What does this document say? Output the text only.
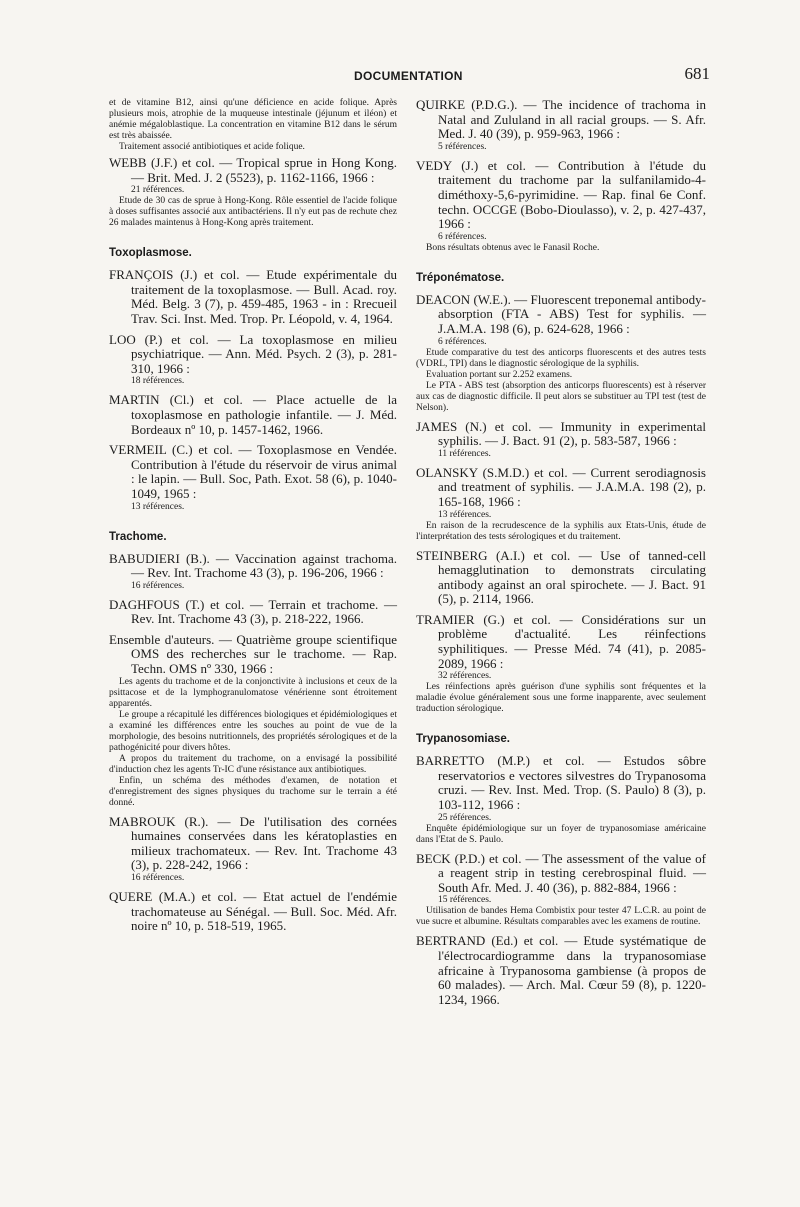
DOCUMENTATION	681

et de vitamine B12, ainsi qu'une déficience en acide folique. Après plusieurs mois, atrophie de la muqueuse intestinale (jéjunum et iléon) et anémie mégaloblastique. La concentration en vitamine B12 dans le sérum est très abaissée.

Traitement associé antibiotiques et acide folique.

WEBB (J.F.) et col. — Tropical sprue in Hong Kong. — Brit. Med. J. 2 (5523), p. 1162-1166, 1966 :
21 références.

Etude de 30 cas de sprue à Hong-Kong. Rôle essentiel de l'acide folique à doses suffisantes associé aux antibactériens. Il n'y eut pas de rechute chez 26 malades maintenus à Hong-Kong après traitement.

Toxoplasmose.
FRANÇOIS (J.) et col. — Etude expérimentale du traitement de la toxoplasmose. — Bull. Acad. roy. Méd. Belg. 3 (7), p. 459-485, 1963 - in : Rrecueil Trav. Sci. Inst. Med. Trop. Pr. Léopold, v. 4, 1964.
LOO (P.) et col. — La toxoplasmose en milieu psychiatrique. — Ann. Méd. Psych. 2 (3), p. 281-310, 1966 :
18 références.
MARTIN (Cl.) et col. — Place actuelle de la toxoplasmose en pathologie infantile. — J. Méd. Bordeaux nº 10, p. 1457-1462, 1966.
VERMEIL (C.) et col. — Toxoplasmose en Vendée. Contribution à l'étude du réservoir de virus animal : le lapin. — Bull. Soc, Path. Exot. 58 (6), p. 1040-1049, 1965 :
13 références.
Trachome.
BABUDIERI (B.). — Vaccination against trachoma. — Rev. Int. Trachome 43 (3), p. 196-206, 1966 :
16 références.
DAGHFOUS (T.) et col. — Terrain et trachome. — Rev. Int. Trachome 43 (3), p. 218-222, 1966.
Ensemble d'auteurs. — Quatrième groupe scientifique OMS des recherches sur le trachome. — Rap. Techn. OMS nº 330, 1966 :

Les agents du trachome et de la conjonctivite à inclusions et ceux de la psittacose et de la lymphogranulomatose vénérienne sont étroitement apparentés.

Le groupe a récapitulé les différences biologiques et épidémiologiques et a examiné les différences entre les souches au point de vue de la morphologie, des besoins nutritionnels, des propriétés sérologiques et de la pathogénicité pour divers hôtes.

A propos du traitement du trachome, on a envisagé la possibilité d'induction chez les agents Tr-IC d'une résistance aux antibiotiques.

Enfin, un schéma des méthodes d'examen, de notation et d'enregistrement des signes physiques du trachome sur le terrain a été donné.

MABROUK (R.). — De l'utilisation des cornées humaines conservées dans les kératoplasties en milieux trachomateux. — Rev. Int. Trachome 43 (3), p. 228-242, 1966 :
16 références.
QUERE (M.A.) et col. — Etat actuel de l'endémie trachomateuse au Sénégal. — Bull. Soc. Méd. Afr. noire nº 10, p. 518-519, 1965.
QUIRKE (P.D.G.). — The incidence of trachoma in Natal and Zululand in all racial groups. — S. Afr. Med. J. 40 (39), p. 959-963, 1966 :
5 références.
VEDY (J.) et col. — Contribution à l'étude du traitement du trachome par la sulfanilamido-4-diméthoxy-5,6-pyrimidine. — Rap. final 6e Conf. techn. OCCGE (Bobo-Dioulasso), v. 2, p. 427-437, 1966 :
6 références.

Bons résultats obtenus avec le Fanasil Roche.

Tréponématose.
DEACON (W.E.). — Fluorescent treponemal antibody-absorption (FTA - ABS) Test for syphilis. — J.A.M.A. 198 (6), p. 624-628, 1966 :
6 références.

Etude comparative du test des anticorps fluorescents et des autres tests (VDRL, TPI) dans le diagnostic sérologique de la syphilis.

Evaluation portant sur 2.252 examens.

Le PTA - ABS test (absorption des anticorps fluorescents) est à réserver aux cas de diagnostic difficile. Il peut alors se substituer au TPI test (test de Nelson).

JAMES (N.) et col. — Immunity in experimental syphilis. — J. Bact. 91 (2), p. 583-587, 1966 :
11 références.
OLANSKY (S.M.D.) et col. — Current serodiagnosis and treatment of syphilis. — J.A.M.A. 198 (2), p. 165-168, 1966 :
13 références.

En raison de la recrudescence de la syphilis aux Etats-Unis, étude de l'interprétation des tests sérologiques et du traitement.

STEINBERG (A.I.) et col. — Use of tanned-cell hemagglutination to demonstrats circulating antibody against an oral spirochete. — J. Bact. 91 (5), p. 2114, 1966.
TRAMIER (G.) et col. — Considérations sur un problème d'actualité. Les réinfections syphilitiques. — Presse Méd. 74 (41), p. 2085-2089, 1966 :
32 références.

Les réinfections après guérison d'une syphilis sont fréquentes et la maladie évolue généralement sous une forme inapparente, avec seulement traduction sérologique.

Trypanosomiase.
BARRETTO (M.P.) et col. — Estudos sôbre reservatorios e vectores silvestres do Trypanosoma cruzi. — Rev. Inst. Med. Trop. (S. Paulo) 8 (3), p. 103-112, 1966 :
25 références.

Enquête épidémiologique sur un foyer de trypanosomiase américaine dans l'Etat de S. Paulo.

BECK (P.D.) et col. — The assessment of the value of a reagent strip in testing cerebrospinal fluid. — South Afr. Med. J. 40 (36), p. 882-884, 1966 :
15 références.

Utilisation de bandes Hema Combistix pour tester 47 L.C.R. au point de vue sucre et albumine. Résultats comparables avec les examens de routine.

BERTRAND (Ed.) et col. — Etude systématique de l'électrocardiogramme dans la trypanosomiase africaine à Trypanosoma gambiense (à propos de 60 malades). — Arch. Mal. Cœur 59 (8), p. 1220-1234, 1966.
